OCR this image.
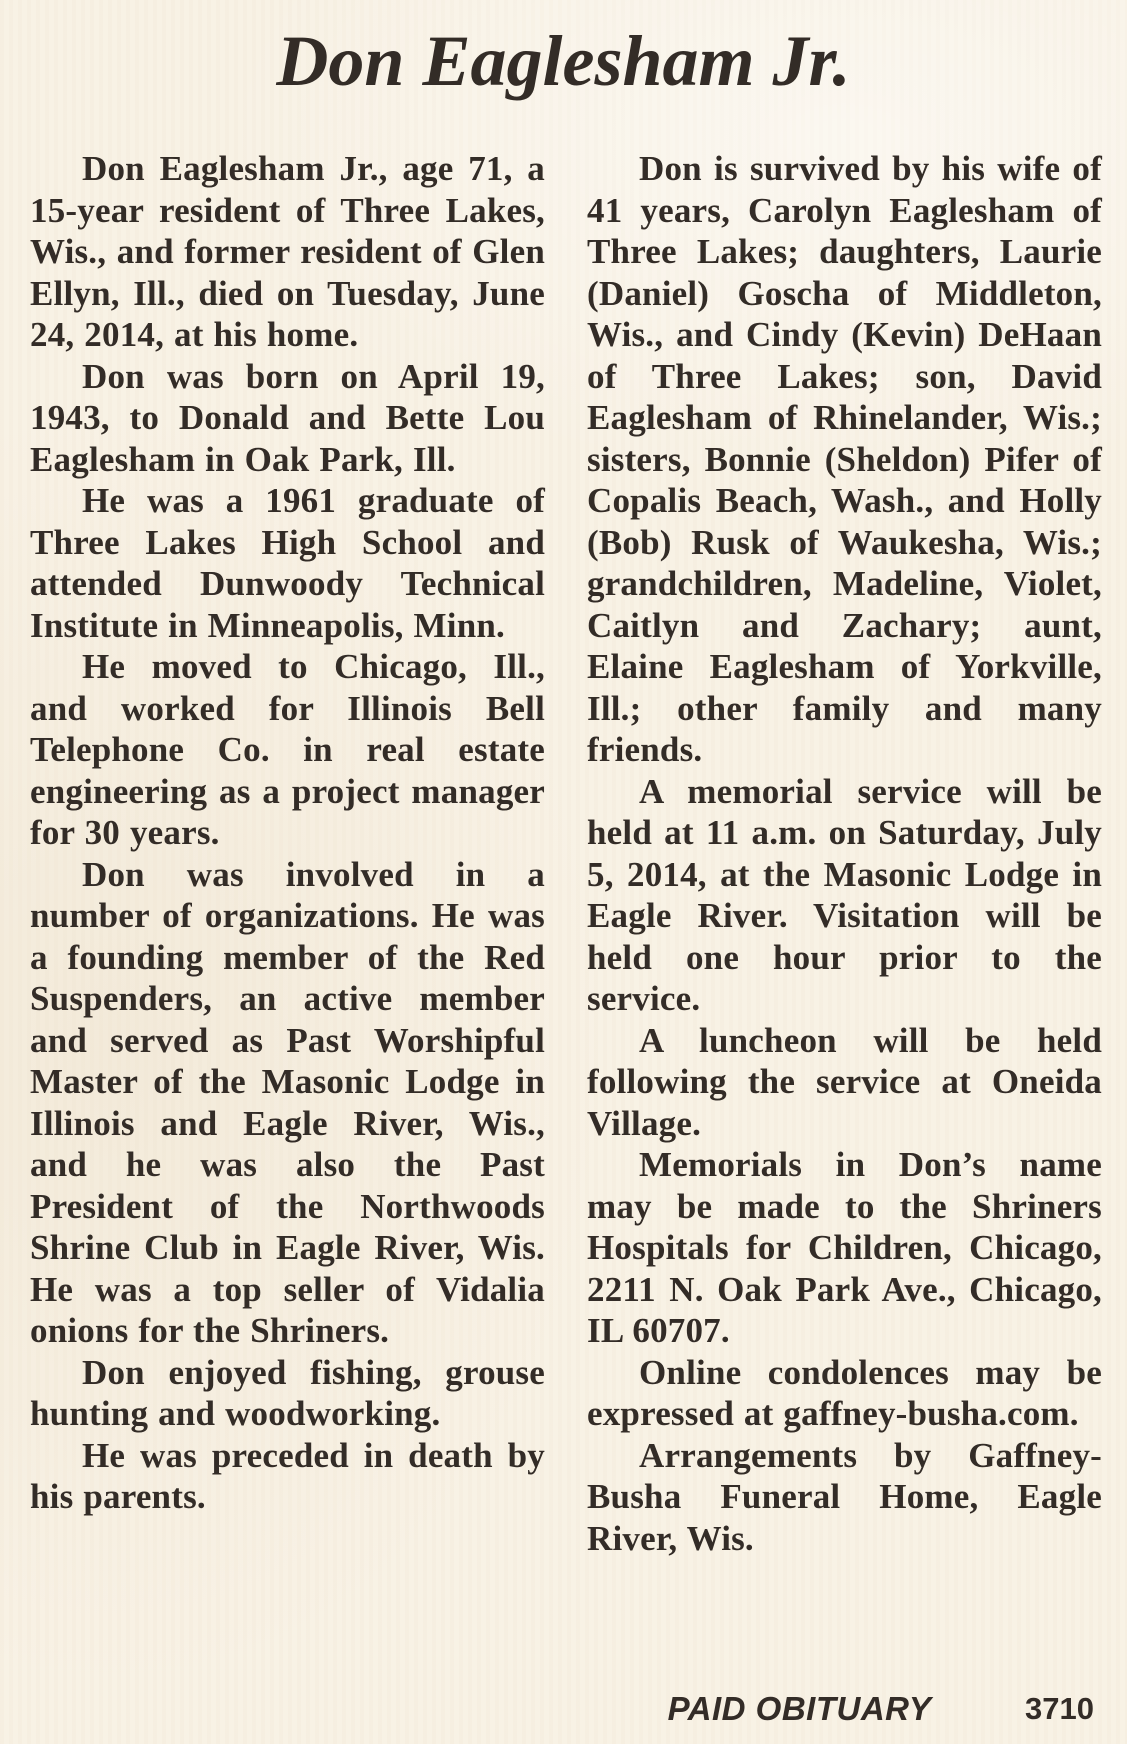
Don Eaglesham Jr.

Don Eaglesham Jr., age 71, a 15-year resident of Three Lakes, Wis., and former resident of Glen Ellyn, Ill., died on Tuesday, June 24, 2014, at his home.

Don was born on April 19, 1943, to Donald and Bette Lou Eaglesham in Oak Park, Ill.

He was a 1961 graduate of Three Lakes High School and attended Dunwoody Technical Institute in Minneapolis, Minn.

He moved to Chicago, Ill., and worked for Illinois Bell Telephone Co. in real estate engineering as a project manager for 30 years.

Don was involved in a number of organizations. He was a founding member of the Red Suspenders, an active member and served as Past Worshipful Master of the Masonic Lodge in Illinois and Eagle River, Wis., and he was also the Past President of the Northwoods Shrine Club in Eagle River, Wis. He was a top seller of Vidalia onions for the Shriners.

Don enjoyed fishing, grouse hunting and woodworking.

He was preceded in death by his parents.

Don is survived by his wife of 41 years, Carolyn Eaglesham of Three Lakes; daughters, Laurie (Daniel) Goscha of Middleton, Wis., and Cindy (Kevin) DeHaan of Three Lakes; son, David Eaglesham of Rhinelander, Wis.; sisters, Bonnie (Sheldon) Pifer of Copalis Beach, Wash., and Holly (Bob) Rusk of Waukesha, Wis.; grandchildren, Madeline, Violet, Caitlyn and Zachary; aunt, Elaine Eaglesham of Yorkville, Ill.; other family and many friends.

A memorial service will be held at 11 a.m. on Saturday, July 5, 2014, at the Masonic Lodge in Eagle River. Visitation will be held one hour prior to the service.

A luncheon will be held following the service at Oneida Village.

Memorials in Don’s name may be made to the Shriners Hospitals for Children, Chicago, 2211 N. Oak Park Ave., Chicago, IL 60707.

Online condolences may be expressed at gaffney-busha.com.

Arrangements by Gaffney-Busha Funeral Home, Eagle River, Wis.

PAID OBITUARY	3710
